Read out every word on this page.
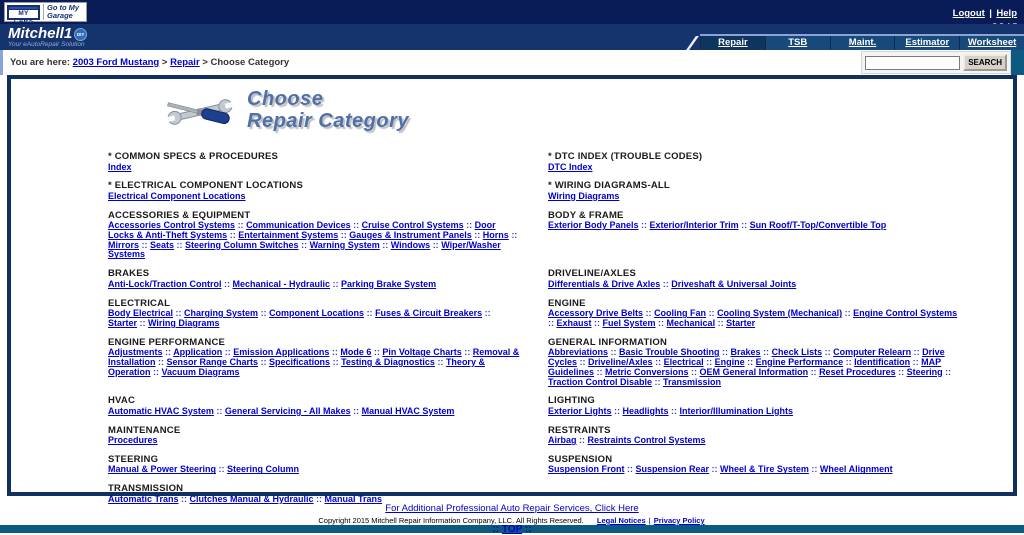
MY CARS
Go to My Garage	Logout | Help
Mitchell1 DIY
Your eAutoRepair Solution	Repair	TSB	Maint.	Estimator	Worksheet
You are here: 2003 Ford Mustang > Repair > Choose Category	SEARCH
Choose
Repair Category
* COMMON SPECS & PROCEDURES
Index
* DTC INDEX (TROUBLE CODES)
DTC Index
* ELECTRICAL COMPONENT LOCATIONS
Electrical Component Locations
* WIRING DIAGRAMS-ALL
Wiring Diagrams
ACCESSORIES & EQUIPMENT
Accessories Control Systems :: Communication Devices :: Cruise Control Systems :: Door Locks & Anti-Theft Systems :: Entertainment Systems :: Gauges & Instrument Panels :: Horns :: Mirrors :: Seats :: Steering Column Switches :: Warning System :: Windows :: Wiper/Washer Systems
BODY & FRAME
Exterior Body Panels :: Exterior/Interior Trim :: Sun Roof/T-Top/Convertible Top
BRAKES
Anti-Lock/Traction Control :: Mechanical - Hydraulic :: Parking Brake System
DRIVELINE/AXLES
Differentials & Drive Axles :: Driveshaft & Universal Joints
ELECTRICAL
Body Electrical :: Charging System :: Component Locations :: Fuses & Circuit Breakers :: Starter :: Wiring Diagrams
ENGINE
Accessory Drive Belts :: Cooling Fan :: Cooling System (Mechanical) :: Engine Control Systems :: Exhaust :: Fuel System :: Mechanical :: Starter
ENGINE PERFORMANCE
Adjustments :: Application :: Emission Applications :: Mode 6 :: Pin Voltage Charts :: Removal & Installation :: Sensor Range Charts :: Specifications :: Testing & Diagnostics :: Theory & Operation :: Vacuum Diagrams
GENERAL INFORMATION
Abbreviations :: Basic Trouble Shooting :: Brakes :: Check Lists :: Computer Relearn :: Drive Cycles :: Driveline/Axles :: Electrical :: Engine :: Engine Performance :: Identification :: MAP Guidelines :: Metric Conversions :: OEM General Information :: Reset Procedures :: Steering :: Traction Control Disable :: Transmission
HVAC
Automatic HVAC System :: General Servicing - All Makes :: Manual HVAC System
LIGHTING
Exterior Lights :: Headlights :: Interior/Illumination Lights
MAINTENANCE
Procedures
RESTRAINTS
Airbag :: Restraints Control Systems
STEERING
Manual & Power Steering :: Steering Column
SUSPENSION
Suspension Front :: Suspension Rear :: Wheel & Tire System :: Wheel Alignment
TRANSMISSION
Automatic Trans :: Clutches Manual & Hydraulic :: Manual Trans
For Additional Professional Auto Repair Services, Click Here
Copyright 2015 Mitchell Repair Information Company, LLC. All Rights Reserved. Legal Notices | Privacy Policy
:: TOP ::
